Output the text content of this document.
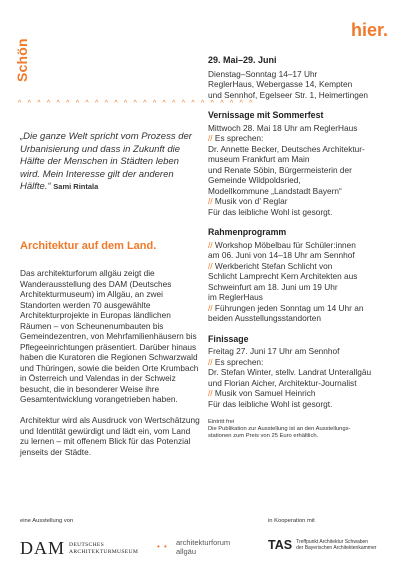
Schön
hier.
^ ^ ^ ^ ^ ^ ^ ^ ^ ^ ^ ^ ^ ^ ^ ^ ^ ^ ^ ^ ^ ^ ^ ^ ^
„Die ganze Welt spricht vom Prozess der Urbanisierung und dass in Zukunft die Hälfte der Menschen in Städten leben wird. Mein Interesse gilt der anderen Hälfte.“ Sami Rintala
Architektur auf dem Land.

Das architekturforum allgäu zeigt die Wanderausstellung des DAM (Deutsches Architekturmuseum) im Allgäu, an zwei Standorten werden 70 ausgewählte Architekturprojekte in Europas ländlichen Räumen – von Scheunenumbauten bis Gemeindezentren, von Mehrfamilienhäusern bis Pflegeeinrichtungen präsentiert. Darüber hinaus haben die Kuratoren die Regionen Schwarzwald und Thüringen, sowie die beiden Orte Krumbach in Österreich und Valendas in der Schweiz besucht, die in besonderer Weise ihre Gesamtentwicklung vorangetrieben haben.

Architektur wird als Ausdruck von Wertschätzung und Identität gewürdigt und lädt ein, vom Land zu lernen – mit offenem Blick für das Potenzial jenseits der Städte.

29. Mai–29. Juni
Dienstag–Sonntag 14–17 Uhr
ReglerHaus, Webergasse 14, Kempten
und Sennhof, Egelseer Str. 1, Heimertingen
Vernissage mit Sommerfest
Mittwoch 28. Mai 18 Uhr am ReglerHaus
// Es sprechen:
Dr. Annette Becker, Deutsches Architektur-
museum Frankfurt am Main
und Renate Söbin, Bürgermeisterin der
Gemeinde Wildpoldsried,
Modellkommune „Landstadt Bayern“
// Musik von d’ Reglar
Für das leibliche Wohl ist gesorgt.
Rahmenprogramm
// Workshop Möbelbau für Schüler:innen
am 06. Juni von 14–18 Uhr am Sennhof
// Werkbericht Stefan Schlicht von
Schlicht Lamprecht Kern Architekten aus
Schweinfurt am 18. Juni um 19 Uhr
im ReglerHaus
// Führungen jeden Sonntag um 14 Uhr an
beiden Ausstellungsstandorten
Finissage
Freitag 27. Juni 17 Uhr am Sennhof
// Es sprechen:
Dr. Stefan Winter, stellv. Landrat Unterallgäu
und Florian Aicher, Architektur-Journalist
// Musik von Samuel Heinrich
Für das leibliche Wohl ist gesorgt.
Eintritt frei
Die Publikation zur Ausstellung ist an den Ausstellungs-
stationen zum Preis von 25 Euro erhältlich.
eine Ausstellung von	in Kooperation mit
DAM DEUTSCHES
ARCHITEKTURMUSEUM
• • architekturforum
allgäu	TAS Treffpunkt Architektur Schwaben
der Bayerischen Architektenkammer
